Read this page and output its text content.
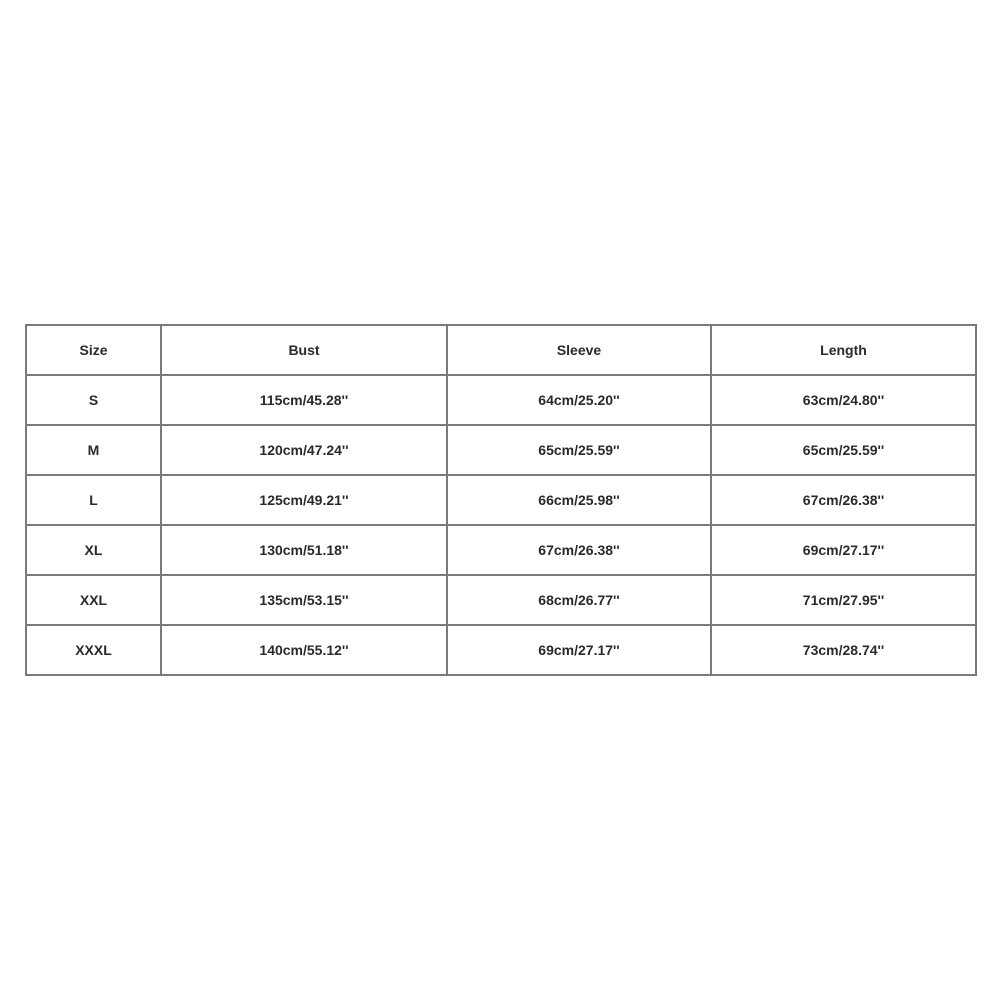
Size	Bust	Sleeve	Length
S	115cm/45.28''	64cm/25.20''	63cm/24.80''
M	120cm/47.24''	65cm/25.59''	65cm/25.59''
L	125cm/49.21''	66cm/25.98''	67cm/26.38''
XL	130cm/51.18''	67cm/26.38''	69cm/27.17''
XXL	135cm/53.15''	68cm/26.77''	71cm/27.95''
XXXL	140cm/55.12''	69cm/27.17''	73cm/28.74''
